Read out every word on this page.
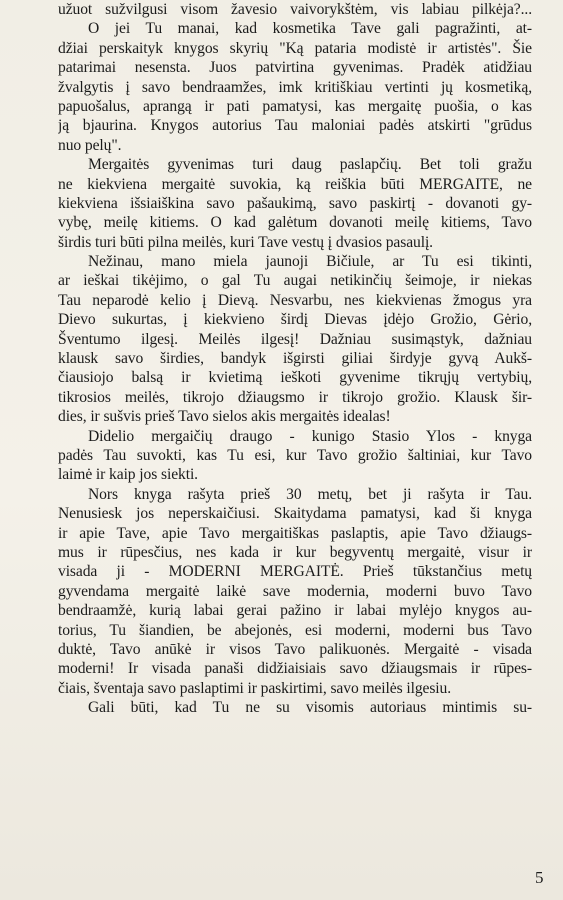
užuot sužvilgusi visom žavesio vaivorykštėm, vis labiau pilkėja?...
O jei Tu manai, kad kosmetika Tave gali pagražinti, at-
džiai perskaityk knygos skyrių "Ką pataria modistė ir artistės". Šie
patarimai nesensta. Juos patvirtina gyvenimas. Pradėk atidžiau
žvalgytis į savo bendraamžes, imk kritiškiau vertinti jų kosmetiką,
papuošalus, aprangą ir pati pamatysi, kas mergaitę puošia, o kas
ją bjaurina. Knygos autorius Tau maloniai padės atskirti "grūdus
nuo pelų".
Mergaitės gyvenimas turi daug paslapčių. Bet toli gražu
ne kiekviena mergaitė suvokia, ką reiškia būti MERGAITE, ne
kiekviena išsiaiškina savo pašaukimą, savo paskirtį - dovanoti gy-
vybę, meilę kitiems. O kad galėtum dovanoti meilę kitiems, Tavo
širdis turi būti pilna meilės, kuri Tave vestų į dvasios pasaulį.
Nežinau, mano miela jaunoji Bičiule, ar Tu esi tikinti,
ar ieškai tikėjimo, o gal Tu augai netikinčių šeimoje, ir niekas
Tau neparodė kelio į Dievą. Nesvarbu, nes kiekvienas žmogus yra
Dievo sukurtas, į kiekvieno širdį Dievas įdėjo Grožio, Gėrio,
Šventumo ilgesį. Meilės ilgesį! Dažniau susimąstyk, dažniau
klausk savo širdies, bandyk išgirsti giliai širdyje gyvą Aukš-
čiausiojo balsą ir kvietimą ieškoti gyvenime tikrųjų vertybių,
tikrosios meilės, tikrojo džiaugsmo ir tikrojo grožio. Klausk šir-
dies, ir sušvis prieš Tavo sielos akis mergaitės idealas!
Didelio mergaičių draugo - kunigo Stasio Ylos - knyga
padės Tau suvokti, kas Tu esi, kur Tavo grožio šaltiniai, kur Tavo
laimė ir kaip jos siekti.
Nors knyga rašyta prieš 30 metų, bet ji rašyta ir Tau.
Nenusiesk jos neperskaičiusi. Skaitydama pamatysi, kad ši knyga
ir apie Tave, apie Tavo mergaitiškas paslaptis, apie Tavo džiaugs-
mus ir rūpesčius, nes kada ir kur begyventų mergaitė, visur ir
visada ji - MODERNI MERGAITĖ. Prieš tūkstančius metų
gyvendama mergaitė laikė save modernia, moderni buvo Tavo
bendraamžė, kurią labai gerai pažino ir labai mylėjo knygos au-
torius, Tu šiandien, be abejonės, esi moderni, moderni bus Tavo
duktė, Tavo anūkė ir visos Tavo palikuonės. Mergaitė - visada
moderni! Ir visada panaši didžiaisiais savo džiaugsmais ir rūpes-
čiais, šventaja savo paslaptimi ir paskirtimi, savo meilės ilgesiu.
Gali būti, kad Tu ne su visomis autoriaus mintimis su-
5
